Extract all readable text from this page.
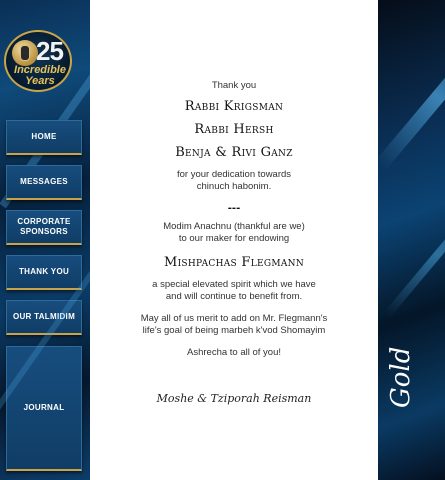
25
Incredible
Years
HOME
MESSAGES
CORPORATE
SPONSORS
THANK YOU
OUR TALMIDIM
JOURNAL
Thank you
Rabbi Krigsman
Rabbi Hersh
Benja & Rivi Ganz
for your dedication towards
chinuch habonim.
---
Modim Anachnu (thankful are we)
to our maker for endowing
Mishpachas Flegmann
a special elevated spirit which we have
and will continue to benefit from.
May all of us merit to add on Mr. Flegmann's
life's goal of being marbeh k'vod Shomayim
Ashrecha to all of you!
Moshe & Tziporah Reisman	Gold
